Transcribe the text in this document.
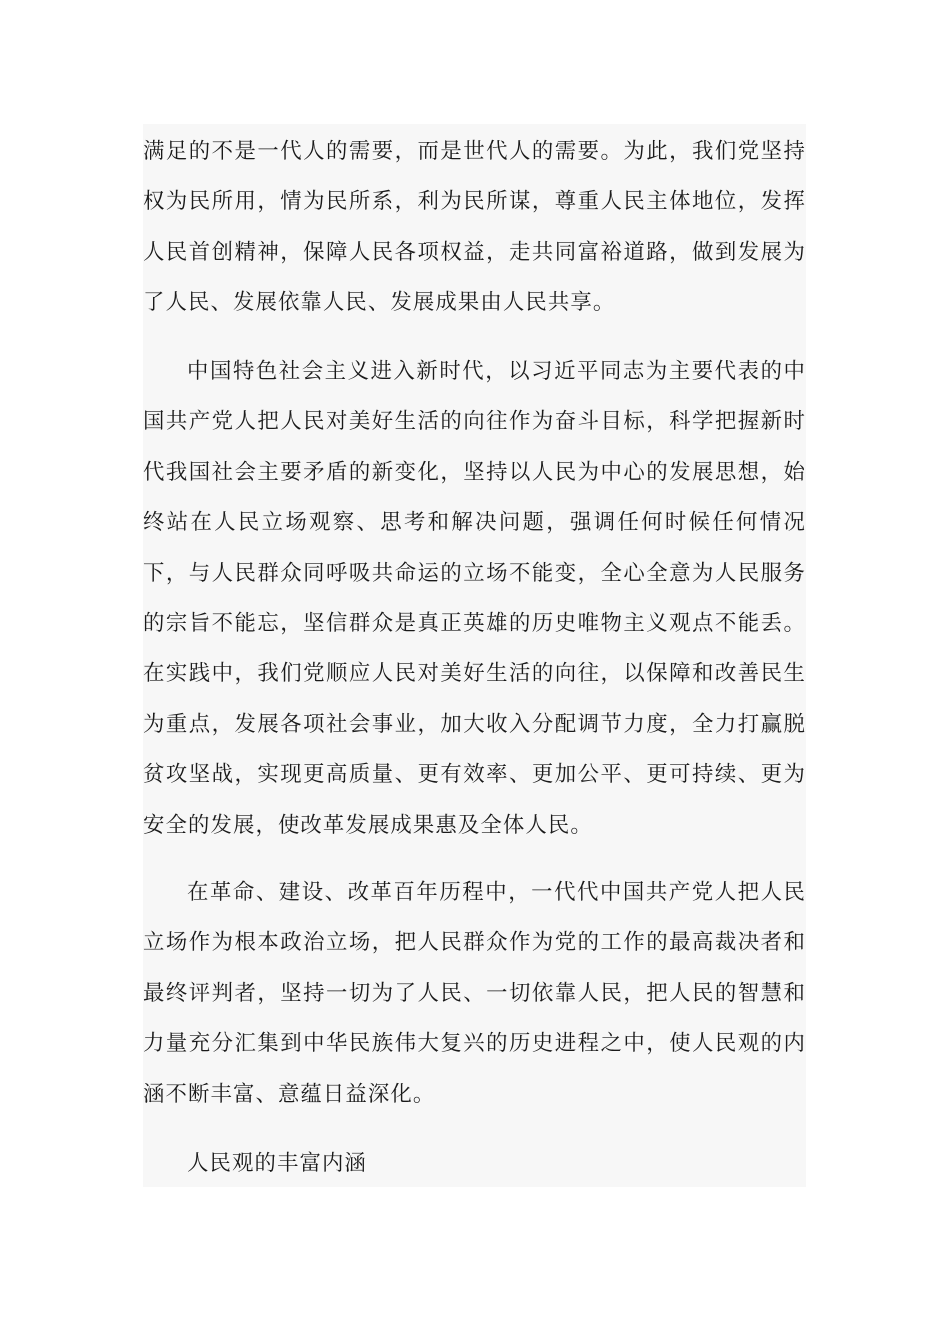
满足的不是一代人的需要，而是世代人的需要。为此，我们党坚持权为民所用，情为民所系，利为民所谋，尊重人民主体地位，发挥人民首创精神，保障人民各项权益，走共同富裕道路，做到发展为了人民、发展依靠人民、发展成果由人民共享。

中国特色社会主义进入新时代，以习近平同志为主要代表的中国共产党人把人民对美好生活的向往作为奋斗目标，科学把握新时代我国社会主要矛盾的新变化，坚持以人民为中心的发展思想，始终站在人民立场观察、思考和解决问题，强调任何时候任何情况下，与人民群众同呼吸共命运的立场不能变，全心全意为人民服务的宗旨不能忘，坚信群众是真正英雄的历史唯物主义观点不能丢。在实践中，我们党顺应人民对美好生活的向往，以保障和改善民生为重点，发展各项社会事业，加大收入分配调节力度，全力打赢脱贫攻坚战，实现更高质量、更有效率、更加公平、更可持续、更为安全的发展，使改革发展成果惠及全体人民。

在革命、建设、改革百年历程中，一代代中国共产党人把人民立场作为根本政治立场，把人民群众作为党的工作的最高裁决者和最终评判者，坚持一切为了人民、一切依靠人民，把人民的智慧和力量充分汇集到中华民族伟大复兴的历史进程之中，使人民观的内涵不断丰富、意蕴日益深化。

人民观的丰富内涵
